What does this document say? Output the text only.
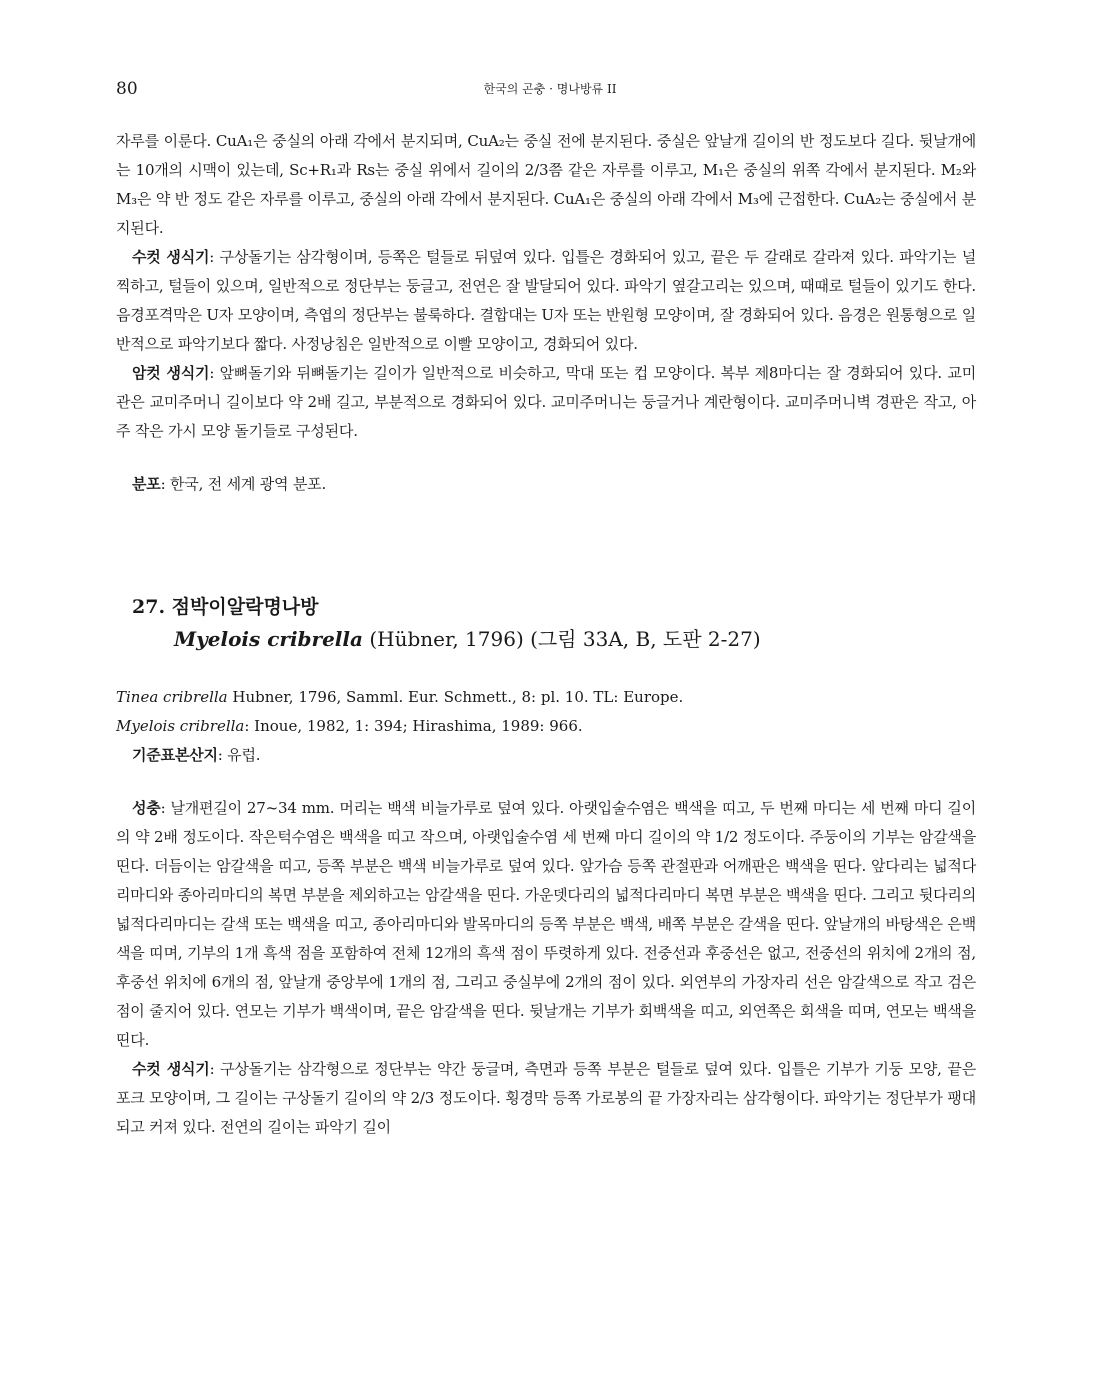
80	한국의 곤충 · 명나방류 II

자루를 이룬다. CuA₁은 중실의 아래 각에서 분지되며, CuA₂는 중실 전에 분지된다. 중실은 앞날개 길이의 반 정도보다 길다. 뒷날개에는 10개의 시맥이 있는데, Sc+R₁과 Rs는 중실 위에서 길이의 2/3쯤 같은 자루를 이루고, M₁은 중실의 위쪽 각에서 분지된다. M₂와 M₃은 약 반 정도 같은 자루를 이루고, 중실의 아래 각에서 분지된다. CuA₁은 중실의 아래 각에서 M₃에 근접한다. CuA₂는 중실에서 분지된다.

수컷 생식기: 구상돌기는 삼각형이며, 등쪽은 털들로 뒤덮여 있다. 입틀은 경화되어 있고, 끝은 두 갈래로 갈라져 있다. 파악기는 널찍하고, 털들이 있으며, 일반적으로 정단부는 둥글고, 전연은 잘 발달되어 있다. 파악기 옆갈고리는 있으며, 때때로 털들이 있기도 한다. 음경포격막은 U자 모양이며, 측엽의 정단부는 불룩하다. 결합대는 U자 또는 반원형 모양이며, 잘 경화되어 있다. 음경은 원통형으로 일반적으로 파악기보다 짧다. 사정낭침은 일반적으로 이빨 모양이고, 경화되어 있다.

암컷 생식기: 앞뼈돌기와 뒤뼈돌기는 길이가 일반적으로 비슷하고, 막대 또는 컵 모양이다. 복부 제8마디는 잘 경화되어 있다. 교미관은 교미주머니 길이보다 약 2배 길고, 부분적으로 경화되어 있다. 교미주머니는 둥글거나 계란형이다. 교미주머니벽 경판은 작고, 아주 작은 가시 모양 돌기들로 구성된다.

분포: 한국, 전 세계 광역 분포.

27. 점박이알락명나방
Myelois cribrella (Hübner, 1796) (그림 33A, B, 도판 2-27)

Tinea cribrella Hubner, 1796, Samml. Eur. Schmett., 8: pl. 10. TL: Europe.

Myelois cribrella: Inoue, 1982, 1: 394; Hirashima, 1989: 966.

기준표본산지: 유럽.

성충: 날개편길이 27~34 mm. 머리는 백색 비늘가루로 덮여 있다. 아랫입술수염은 백색을 띠고, 두 번째 마디는 세 번째 마디 길이의 약 2배 정도이다. 작은턱수염은 백색을 띠고 작으며, 아랫입술수염 세 번째 마디 길이의 약 1/2 정도이다. 주둥이의 기부는 암갈색을 띤다. 더듬이는 암갈색을 띠고, 등쪽 부분은 백색 비늘가루로 덮여 있다. 앞가슴 등쪽 관절판과 어깨판은 백색을 띤다. 앞다리는 넓적다리마디와 종아리마디의 복면 부분을 제외하고는 암갈색을 띤다. 가운뎃다리의 넓적다리마디 복면 부분은 백색을 띤다. 그리고 뒷다리의 넓적다리마디는 갈색 또는 백색을 띠고, 종아리마디와 발목마디의 등쪽 부분은 백색, 배쪽 부분은 갈색을 띤다. 앞날개의 바탕색은 은백색을 띠며, 기부의 1개 흑색 점을 포함하여 전체 12개의 흑색 점이 뚜렷하게 있다. 전중선과 후중선은 없고, 전중선의 위치에 2개의 점, 후중선 위치에 6개의 점, 앞날개 중앙부에 1개의 점, 그리고 중실부에 2개의 점이 있다. 외연부의 가장자리 선은 암갈색으로 작고 검은 점이 줄지어 있다. 연모는 기부가 백색이며, 끝은 암갈색을 띤다. 뒷날개는 기부가 회백색을 띠고, 외연쪽은 회색을 띠며, 연모는 백색을 띤다.

수컷 생식기: 구상돌기는 삼각형으로 정단부는 약간 둥글며, 측면과 등쪽 부분은 털들로 덮여 있다. 입틀은 기부가 기둥 모양, 끝은 포크 모양이며, 그 길이는 구상돌기 길이의 약 2/3 정도이다. 횡경막 등쪽 가로봉의 끝 가장자리는 삼각형이다. 파악기는 정단부가 팽대되고 커져 있다. 전연의 길이는 파악기 길이
